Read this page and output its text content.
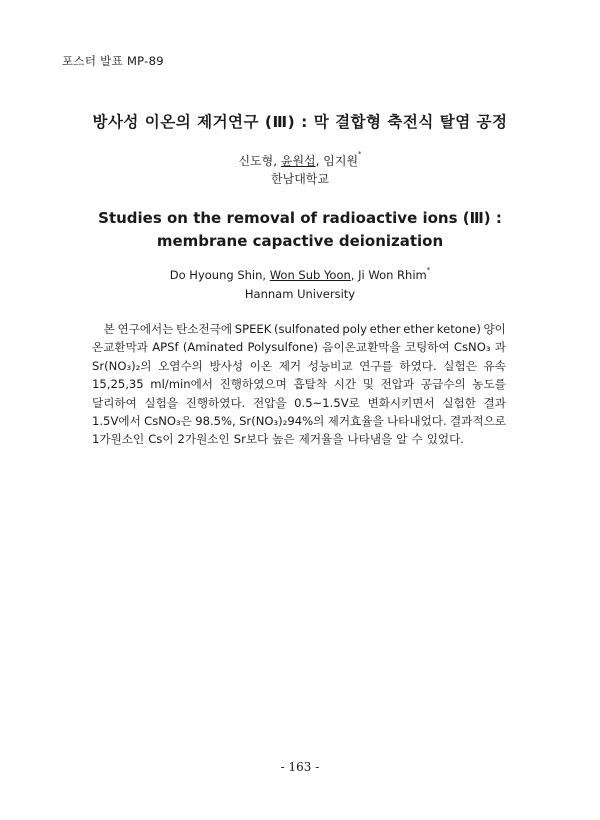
포스터 발표 MP-89
방사성 이온의 제거연구 (Ⅲ) : 막 결합형 축전식 탈염 공정
신도형, 윤원섭, 임지원*
한남대학교
Studies on the removal of radioactive ions (Ⅲ) :
membrane capactive deionization
Do Hyoung Shin, Won Sub Yoon, Ji Won Rhim*
Hannam University
　본 연구에서는 탄소전극에 SPEEK (sulfonated poly ether ether ketone) 양이
온교환막과 APSf (Aminated Polysulfone) 음이온교환막을 코팅하여 CsNO₃ 과
Sr(NO₃)₂의 오염수의 방사성 이온 제거 성능비교 연구를 하였다. 실험은 유속
15,25,35 ml/min에서 진행하였으며 흡탈착 시간 및 전압과 공급수의 농도를
달리하여 실험을 진행하였다. 전압을 0.5~1.5V로 변화시키면서 실험한 결과
1.5V에서 CsNO₃은 98.5%, Sr(NO₃)₂94%의 제거효율을 나타내었다. 결과적으로
1가원소인 Cs이 2가원소인 Sr보다 높은 제거율을 나타냄을 알 수 있었다.
- 163 -
